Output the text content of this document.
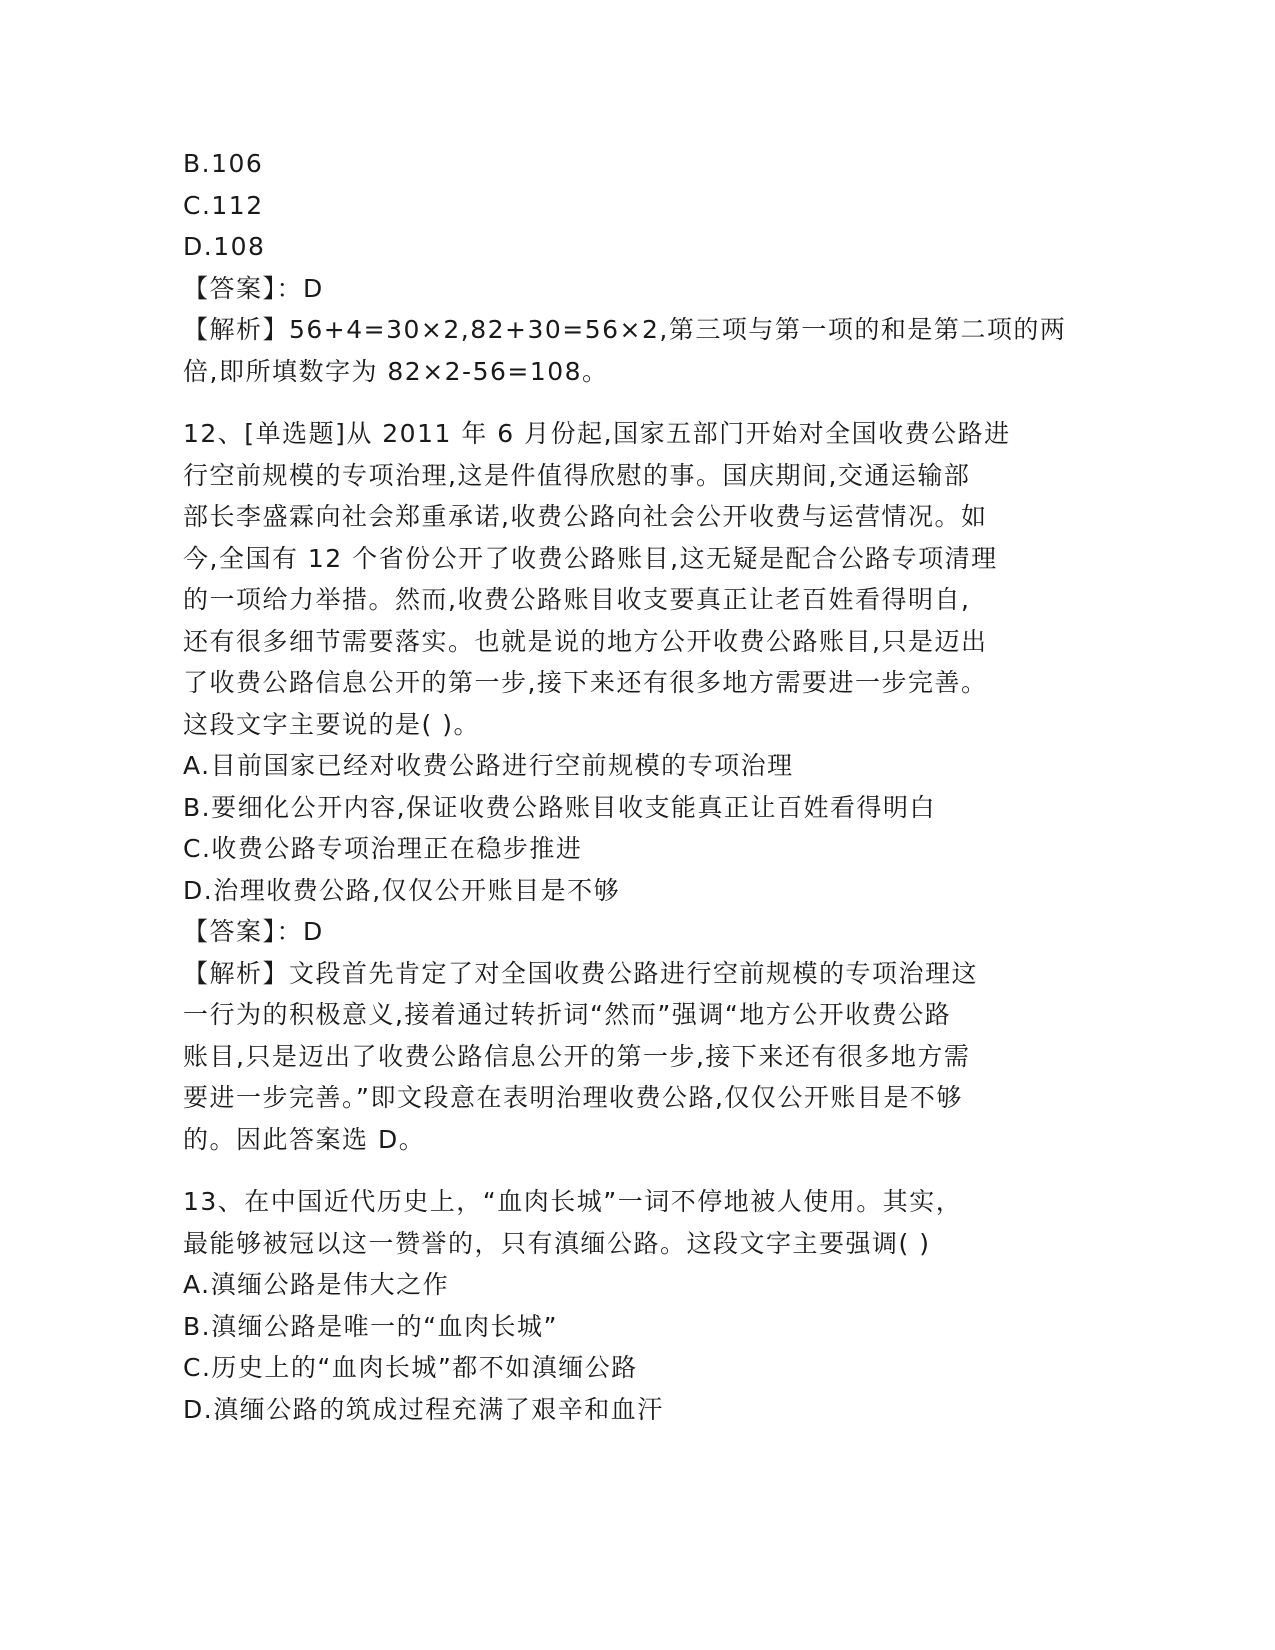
B.106
C.112
D.108
【答案】：D
【解析】56+4=30×2,82+30=56×2,第三项与第一项的和是第二项的两
倍,即所填数字为 82×2-56=108。
12、[单选题]从 2011 年 6 月份起,国家五部门开始对全国收费公路进
行空前规模的专项治理,这是件值得欣慰的事。国庆期间,交通运输部
部长李盛霖向社会郑重承诺,收费公路向社会公开收费与运营情况。如
今,全国有 12 个省份公开了收费公路账目,这无疑是配合公路专项清理
的一项给力举措。然而,收费公路账目收支要真正让老百姓看得明自,
还有很多细节需要落实。也就是说的地方公开收费公路账目,只是迈出
了收费公路信息公开的第一步,接下来还有很多地方需要进一步完善。
这段文字主要说的是( )。
A.目前国家已经对收费公路进行空前规模的专项治理
B.要细化公开内容,保证收费公路账目收支能真正让百姓看得明白
C.收费公路专项治理正在稳步推进
D.治理收费公路,仅仅公开账目是不够
【答案】：D
【解析】文段首先肯定了对全国收费公路进行空前规模的专项治理这
一行为的积极意义,接着通过转折词“然而”强调“地方公开收费公路
账目,只是迈出了收费公路信息公开的第一步,接下来还有很多地方需
要进一步完善。”即文段意在表明治理收费公路,仅仅公开账目是不够
的。因此答案选 D。
13、在中国近代历史上，“血肉长城”一词不停地被人使用。其实，
最能够被冠以这一赞誉的，只有滇缅公路。这段文字主要强调( )
A.滇缅公路是伟大之作
B.滇缅公路是唯一的“血肉长城”
C.历史上的“血肉长城”都不如滇缅公路
D.滇缅公路的筑成过程充满了艰辛和血汗
